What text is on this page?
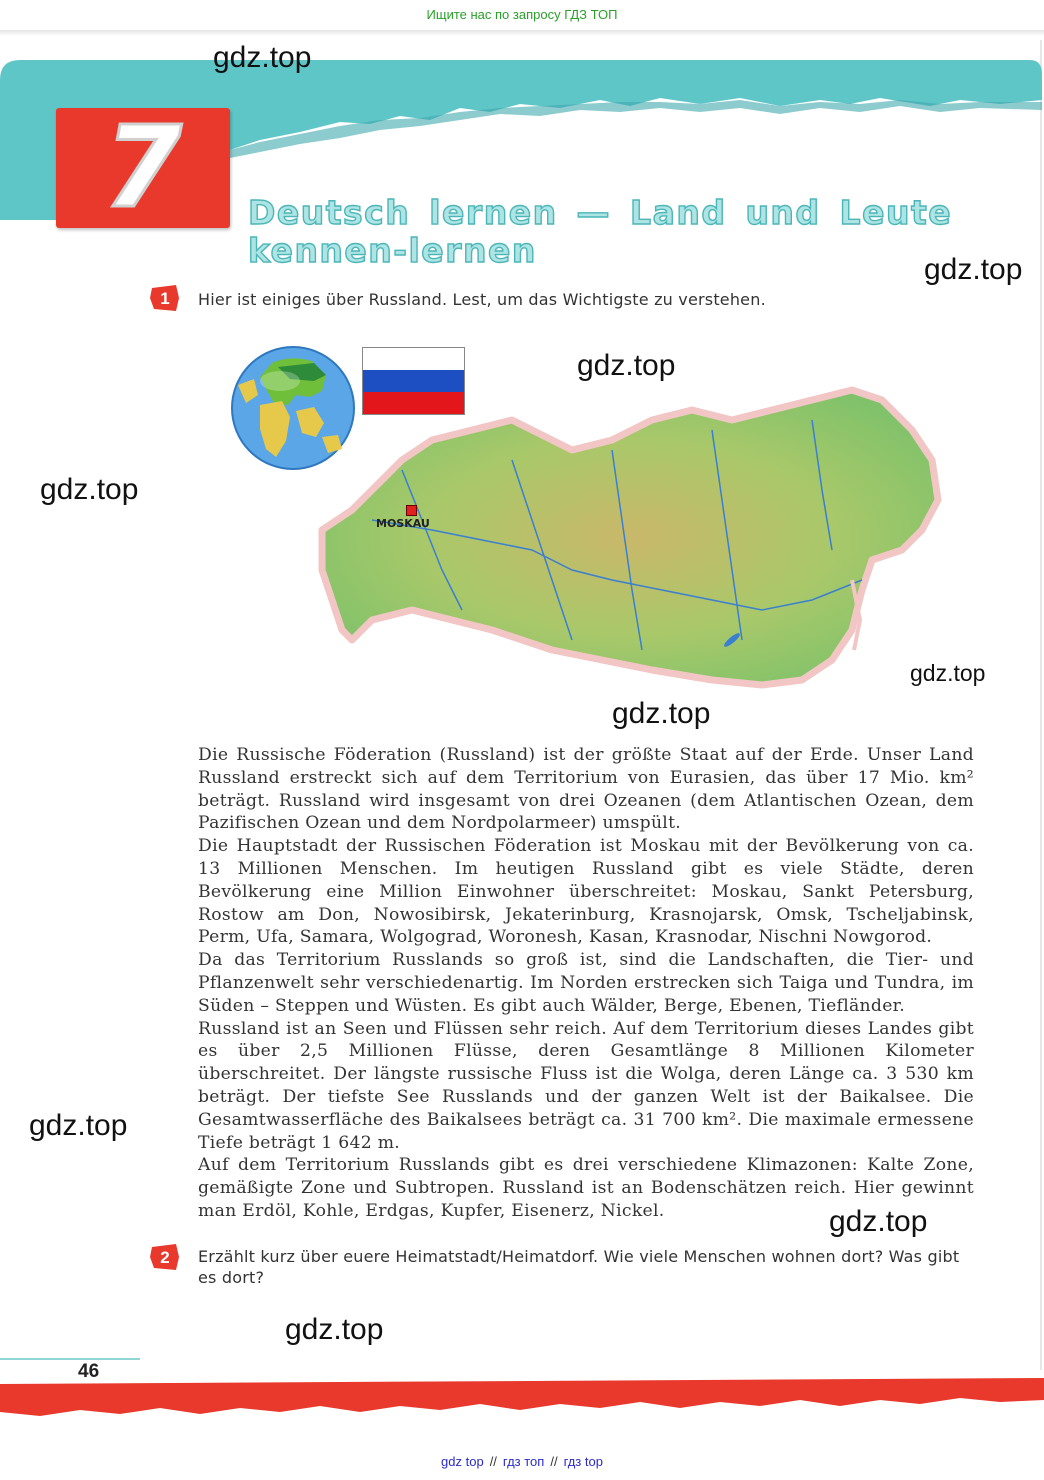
Ищите нас по запросу ГДЗ ТОП
7	Deutsch lernen — Land und Leute kennen-lernen
1 Hier ist einiges über Russland. Lest, um das Wichtigste zu verstehen.
MOSKAU

Die Russische Föderation (Russland) ist der größte Staat auf der Erde. Unser Land Russland erstreckt sich auf dem Territorium von Eurasien, das über 17 Mio. km² beträgt. Russland wird insgesamt von drei Ozeanen (dem Atlantischen Ozean, dem Pazifischen Ozean und dem Nordpolarmeer) umspült.

Die Hauptstadt der Russischen Föderation ist Moskau mit der Bevölkerung von ca. 13 Millionen Menschen. Im heutigen Russland gibt es viele Städte, deren Bevölkerung eine Million Einwohner überschreitet: Moskau, Sankt Petersburg, Rostow am Don, Nowosibirsk, Jekaterinburg, Krasnojarsk, Omsk, Tscheljabinsk, Perm, Ufa, Samara, Wolgograd, Woronesh, Kasan, Krasnodar, Nischni Nowgorod.

Da das Territorium Russlands so groß ist, sind die Landschaften, die Tier- und Pflanzenwelt sehr verschiedenartig. Im Norden erstrecken sich Taiga und Tundra, im Süden – Steppen und Wüsten. Es gibt auch Wälder, Berge, Ebenen, Tiefländer.

Russland ist an Seen und Flüssen sehr reich. Auf dem Territorium dieses Landes gibt es über 2,5 Millionen Flüsse, deren Gesamtlänge 8 Millionen Kilometer überschreitet. Der längste russische Fluss ist die Wolga, deren Länge ca. 3 530 km beträgt. Der tiefste See Russlands und der ganzen Welt ist der Baikalsee. Die Gesamtwasserfläche des Baikalsees beträgt ca. 31 700 km². Die maximale ermessene Tiefe beträgt 1 642 m.

Auf dem Territorium Russlands gibt es drei verschiedene Klimazonen: Kalte Zone, gemäßigte Zone und Subtropen. Russland ist an Bodenschätzen reich. Hier gewinnt man Erdöl, Kohle, Erdgas, Kupfer, Eisenerz, Nickel.

2 Erzählt kurz über euere Heimatstadt/Heimatdorf. Wie viele Menschen wohnen dort? Was gibt es dort?
gdz.top
gdz.top
gdz.top
gdz.top
gdz.top
gdz.top
gdz.top
gdz.top
gdz.top
46
gdz top // гдз топ // гдз top
